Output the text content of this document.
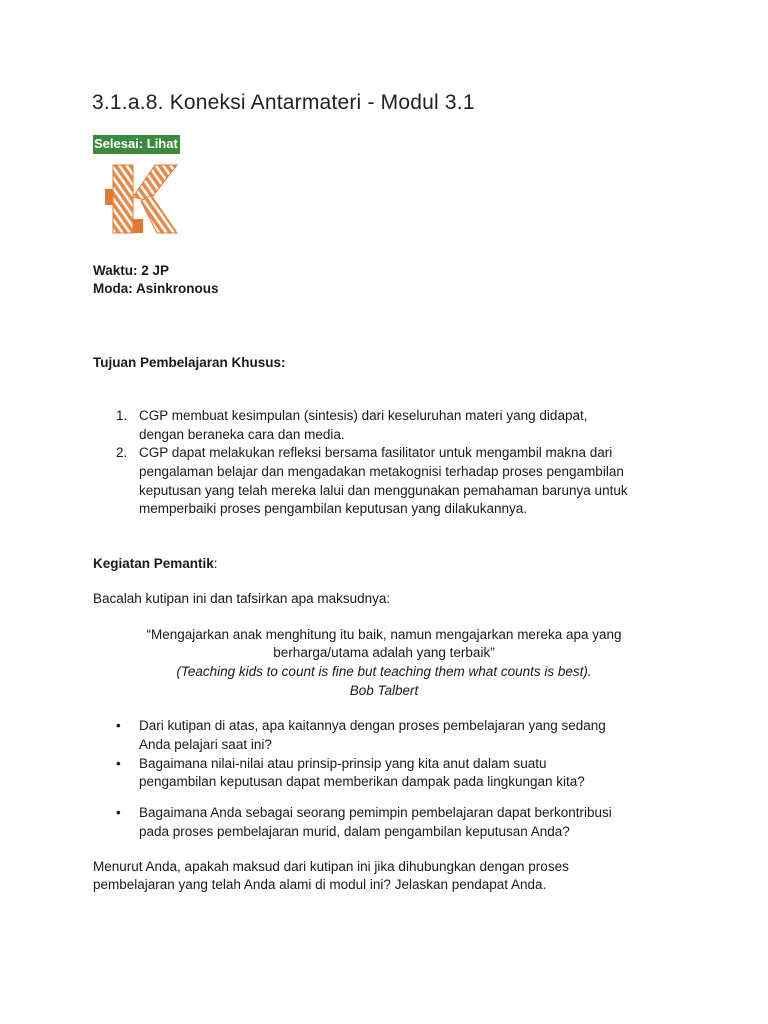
3.1.a.8. Koneksi Antarmateri - Modul 3.1
Selesai: Lihat
Waktu: 2 JP
Moda: Asinkronous
Tujuan Pembelajaran Khusus:
1. CGP membuat kesimpulan (sintesis) dari keseluruhan materi yang didapat,
dengan beraneka cara dan media.
2. CGP dapat melakukan refleksi bersama fasilitator untuk mengambil makna dari
pengalaman belajar dan mengadakan metakognisi terhadap proses pengambilan
keputusan yang telah mereka lalui dan menggunakan pemahaman barunya untuk
memperbaiki proses pengambilan keputusan yang dilakukannya.
Kegiatan Pemantik:
Bacalah kutipan ini dan tafsirkan apa maksudnya:
“Mengajarkan anak menghitung itu baik, namun mengajarkan mereka apa yang
berharga/utama adalah yang terbaik”
(Teaching kids to count is fine but teaching them what counts is best).
Bob Talbert
• Dari kutipan di atas, apa kaitannya dengan proses pembelajaran yang sedang
Anda pelajari saat ini?
• Bagaimana nilai-nilai atau prinsip-prinsip yang kita anut dalam suatu
pengambilan keputusan dapat memberikan dampak pada lingkungan kita?
• Bagaimana Anda sebagai seorang pemimpin pembelajaran dapat berkontribusi
pada proses pembelajaran murid, dalam pengambilan keputusan Anda?
Menurut Anda, apakah maksud dari kutipan ini jika dihubungkan dengan proses
pembelajaran yang telah Anda alami di modul ini? Jelaskan pendapat Anda.
